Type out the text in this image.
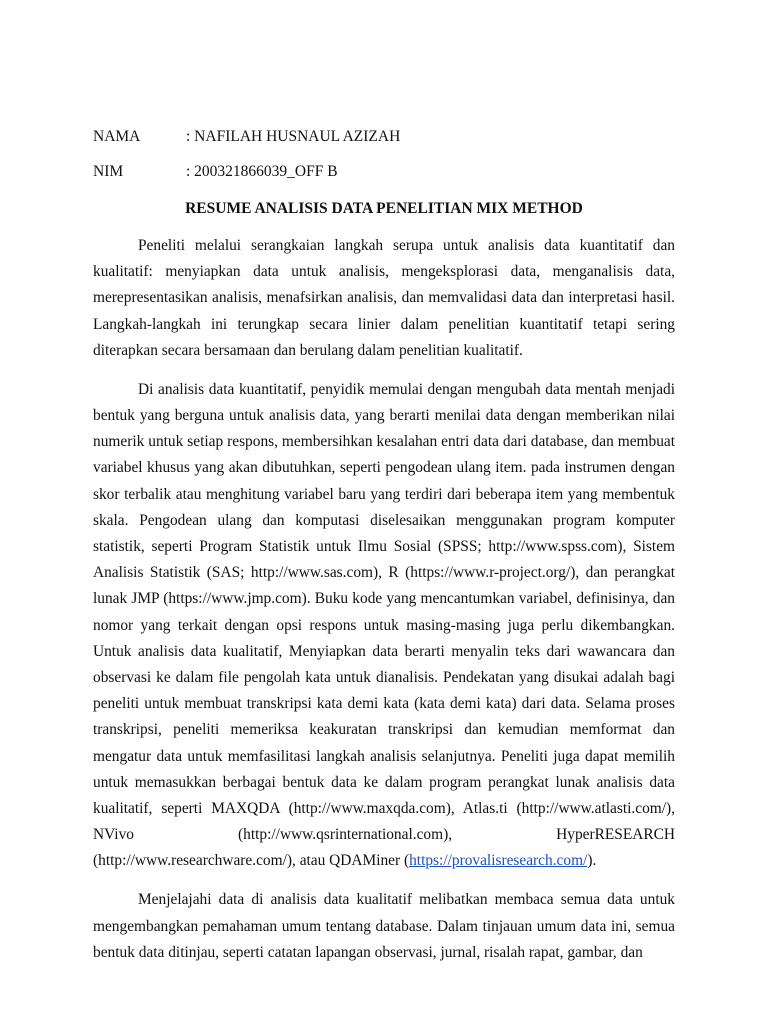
NAMA	: NAFILAH HUSNAUL AZIZAH
NIM	: 200321866039_OFF B
RESUME ANALISIS DATA PENELITIAN MIX METHOD

Peneliti melalui serangkaian langkah serupa untuk analisis data kuantitatif dan kualitatif: menyiapkan data untuk analisis, mengeksplorasi data, menganalisis data, merepresentasikan analisis, menafsirkan analisis, dan memvalidasi data dan interpretasi hasil. Langkah-langkah ini terungkap secara linier dalam penelitian kuantitatif tetapi sering diterapkan secara bersamaan dan berulang dalam penelitian kualitatif.

Di analisis data kuantitatif, penyidik memulai dengan mengubah data mentah menjadi bentuk yang berguna untuk analisis data, yang berarti menilai data dengan memberikan nilai numerik untuk setiap respons, membersihkan kesalahan entri data dari database, dan membuat variabel khusus yang akan dibutuhkan, seperti pengodean ulang item. pada instrumen dengan skor terbalik atau menghitung variabel baru yang terdiri dari beberapa item yang membentuk skala. Pengodean ulang dan komputasi diselesaikan menggunakan program komputer statistik, seperti Program Statistik untuk Ilmu Sosial (SPSS; http://www.spss.com), Sistem Analisis Statistik (SAS; http://www.sas.com), R (https://www.r-project.org/), dan perangkat lunak JMP (https://www.jmp.com). Buku kode yang mencantumkan variabel, definisinya, dan nomor yang terkait dengan opsi respons untuk masing-masing juga perlu dikembangkan. Untuk analisis data kualitatif, Menyiapkan data berarti menyalin teks dari wawancara dan observasi ke dalam file pengolah kata untuk dianalisis. Pendekatan yang disukai adalah bagi peneliti untuk membuat transkripsi kata demi kata (kata demi kata) dari data. Selama proses transkripsi, peneliti memeriksa keakuratan transkripsi dan kemudian memformat dan mengatur data untuk memfasilitasi langkah analisis selanjutnya. Peneliti juga dapat memilih untuk memasukkan berbagai bentuk data ke dalam program perangkat lunak analisis data kualitatif, seperti MAXQDA (http://www.maxqda.com), Atlas.ti (http://www.atlasti.com/), NVivo (http://www.qsrinternational.com), HyperRESEARCH (http://www.researchware.com/), atau QDAMiner (https://provalisresearch.com/).

Menjelajahi data di analisis data kualitatif melibatkan membaca semua data untuk mengembangkan pemahaman umum tentang database. Dalam tinjauan umum data ini, semua bentuk data ditinjau, seperti catatan lapangan observasi, jurnal, risalah rapat, gambar, dan
